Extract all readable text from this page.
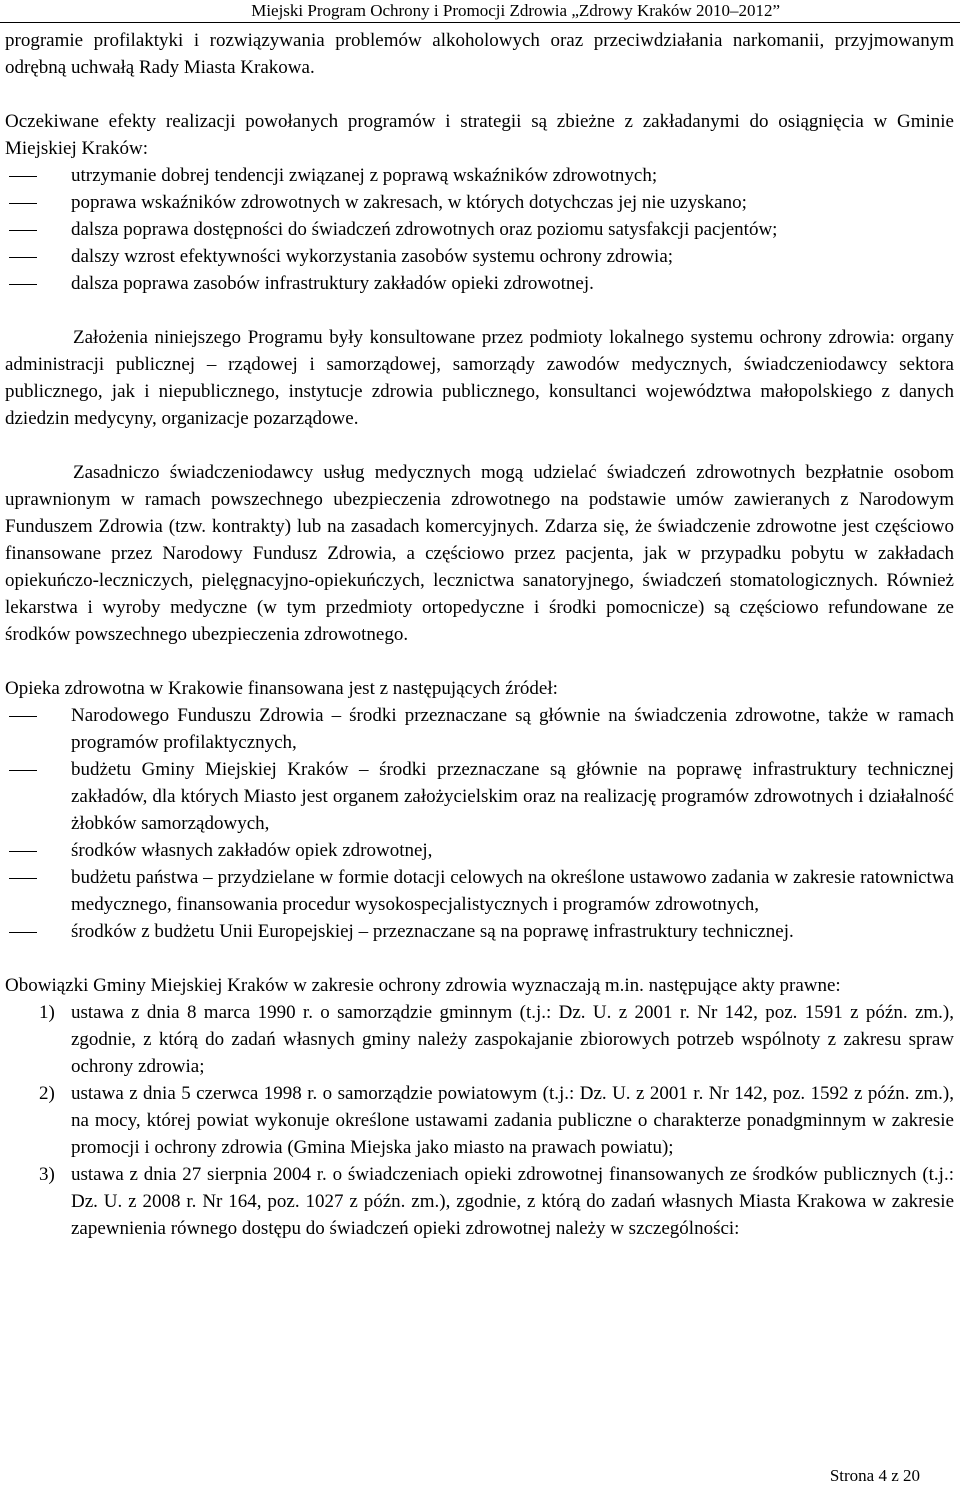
Miejski Program Ochrony i Promocji Zdrowia „Zdrowy Kraków 2010–2012”

programie profilaktyki i rozwiązywania problemów alkoholowych oraz przeciwdziałania narkomanii, przyjmowanym odrębną uchwałą Rady Miasta Krakowa.

Oczekiwane efekty realizacji powołanych programów i strategii są zbieżne z zakładanymi do osiągnięcia w Gminie Miejskiej Kraków:

utrzymanie dobrej tendencji związanej z poprawą wskaźników zdrowotnych;
poprawa wskaźników zdrowotnych w zakresach, w których dotychczas jej nie uzyskano;
dalsza poprawa dostępności do świadczeń zdrowotnych oraz poziomu satysfakcji pacjentów;
dalszy wzrost efektywności wykorzystania zasobów systemu ochrony zdrowia;
dalsza poprawa zasobów infrastruktury zakładów opieki zdrowotnej.

Założenia niniejszego Programu były konsultowane przez podmioty lokalnego systemu ochrony zdrowia: organy administracji publicznej – rządowej i samorządowej, samorządy zawodów medycznych, świadczeniodawcy sektora publicznego, jak i niepublicznego, instytucje zdrowia publicznego, konsultanci województwa małopolskiego z danych dziedzin medycyny, organizacje pozarządowe.

Zasadniczo świadczeniodawcy usług medycznych mogą udzielać świadczeń zdrowotnych bezpłatnie osobom uprawnionym w ramach powszechnego ubezpieczenia zdrowotnego na podstawie umów zawieranych z Narodowym Funduszem Zdrowia (tzw. kontrakty) lub na zasadach komercyjnych. Zdarza się, że świadczenie zdrowotne jest częściowo finansowane przez Narodowy Fundusz Zdrowia, a częściowo przez pacjenta, jak w przypadku pobytu w zakładach opiekuńczo-leczniczych, pielęgnacyjno-opiekuńczych, lecznictwa sanatoryjnego, świadczeń stomatologicznych. Również lekarstwa i wyroby medyczne (w tym przedmioty ortopedyczne i środki pomocnicze) są częściowo refundowane ze środków powszechnego ubezpieczenia zdrowotnego.

Opieka zdrowotna w Krakowie finansowana jest z następujących źródeł:

Narodowego Funduszu Zdrowia – środki przeznaczane są głównie na świadczenia zdrowotne, także w ramach programów profilaktycznych,
budżetu Gminy Miejskiej Kraków – środki przeznaczane są głównie na poprawę infrastruktury technicznej zakładów, dla których Miasto jest organem założycielskim oraz na realizację programów zdrowotnych i działalność żłobków samorządowych,
środków własnych zakładów opiek zdrowotnej,
budżetu państwa – przydzielane w formie dotacji celowych na określone ustawowo zadania w zakresie ratownictwa medycznego, finansowania procedur wysokospecjalistycznych i programów zdrowotnych,
środków z budżetu Unii Europejskiej – przeznaczane są na poprawę infrastruktury technicznej.

Obowiązki Gminy Miejskiej Kraków w zakresie ochrony zdrowia wyznaczają m.in. następujące akty prawne:

1) ustawa z dnia 8 marca 1990 r. o samorządzie gminnym (t.j.: Dz. U. z 2001 r. Nr 142, poz. 1591 z późn. zm.), zgodnie, z którą do zadań własnych gminy należy zaspokajanie zbiorowych potrzeb wspólnoty z zakresu spraw ochrony zdrowia;
2) ustawa z dnia 5 czerwca 1998 r. o samorządzie powiatowym (t.j.: Dz. U. z 2001 r. Nr 142, poz. 1592 z późn. zm.), na mocy, której powiat wykonuje określone ustawami zadania publiczne o charakterze ponadgminnym w zakresie promocji i ochrony zdrowia (Gmina Miejska jako miasto na prawach powiatu);
3) ustawa z dnia 27 sierpnia 2004 r. o świadczeniach opieki zdrowotnej finansowanych ze środków publicznych (t.j.: Dz. U. z 2008 r. Nr 164, poz. 1027 z późn. zm.), zgodnie, z którą do zadań własnych Miasta Krakowa w zakresie zapewnienia równego dostępu do świadczeń opieki zdrowotnej należy w szczególności:
Strona 4 z 20
